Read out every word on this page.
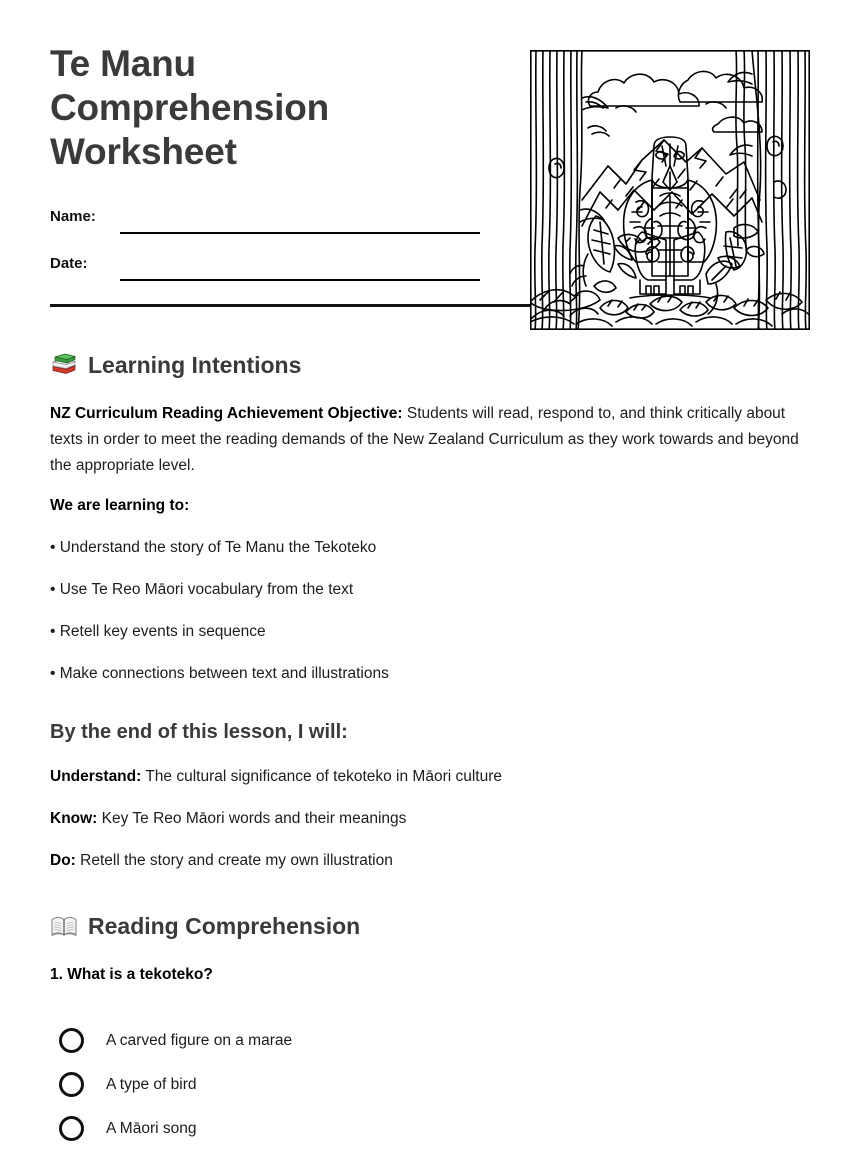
Te Manu Comprehension Worksheet
Name:
Date:
Learning Intentions

NZ Curriculum Reading Achievement Objective: Students will read, respond to, and think critically about texts in order to meet the reading demands of the New Zealand Curriculum as they work towards and beyond the appropriate level.

We are learning to:

• Understand the story of Te Manu the Tekoteko

• Use Te Reo Māori vocabulary from the text

• Retell key events in sequence

• Make connections between text and illustrations

By the end of this lesson, I will:

Understand: The cultural significance of tekoteko in Māori culture

Know: Key Te Reo Māori words and their meanings

Do: Retell the story and create my own illustration

Reading Comprehension

1. What is a tekoteko?

A carved figure on a marae
A type of bird
A Māori song
